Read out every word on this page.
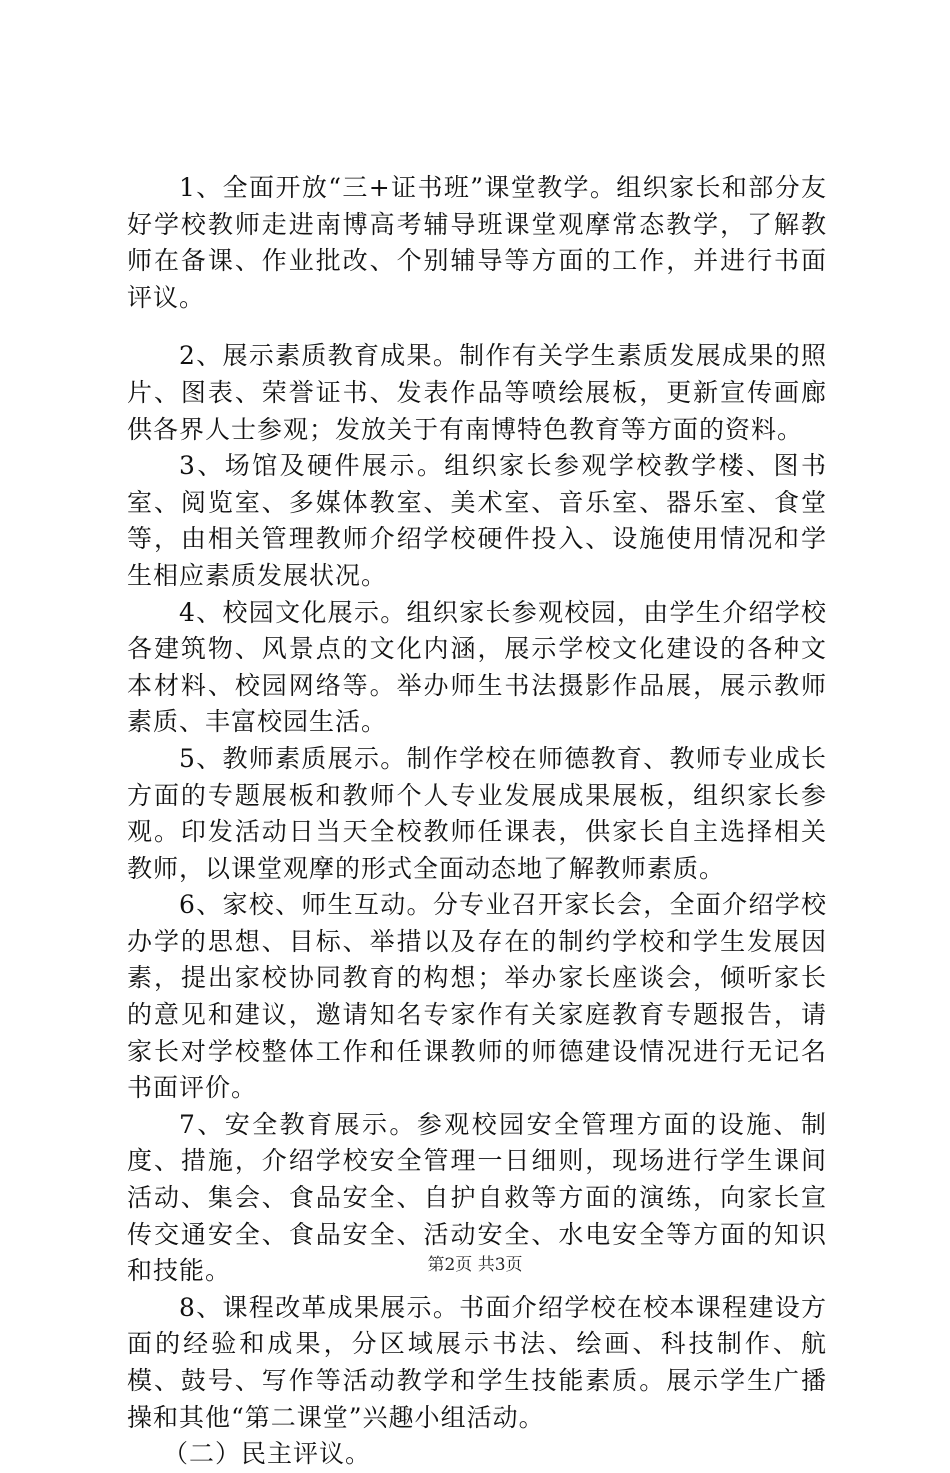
1、全面开放“三+证书班”课堂教学。组织家长和部分友好学校教师走进南博高考辅导班课堂观摩常态教学，了解教师在备课、作业批改、个别辅导等方面的工作，并进行书面评议。

2、展示素质教育成果。制作有关学生素质发展成果的照片、图表、荣誉证书、发表作品等喷绘展板，更新宣传画廊供各界人士参观；发放关于有南博特色教育等方面的资料。

3、场馆及硬件展示。组织家长参观学校教学楼、图书室、阅览室、多媒体教室、美术室、音乐室、器乐室、食堂等，由相关管理教师介绍学校硬件投入、设施使用情况和学生相应素质发展状况。

4、校园文化展示。组织家长参观校园，由学生介绍学校各建筑物、风景点的文化内涵，展示学校文化建设的各种文本材料、校园网络等。举办师生书法摄影作品展，展示教师素质、丰富校园生活。

5、教师素质展示。制作学校在师德教育、教师专业成长方面的专题展板和教师个人专业发展成果展板，组织家长参观。印发活动日当天全校教师任课表，供家长自主选择相关教师，以课堂观摩的形式全面动态地了解教师素质。

6、家校、师生互动。分专业召开家长会，全面介绍学校办学的思想、目标、举措以及存在的制约学校和学生发展因素，提出家校协同教育的构想；举办家长座谈会，倾听家长的意见和建议，邀请知名专家作有关家庭教育专题报告，请家长对学校整体工作和任课教师的师德建设情况进行无记名书面评价。

7、安全教育展示。参观校园安全管理方面的设施、制度、措施，介绍学校安全管理一日细则，现场进行学生课间活动、集会、食品安全、自护自救等方面的演练，向家长宣传交通安全、食品安全、活动安全、水电安全等方面的知识和技能。

8、课程改革成果展示。书面介绍学校在校本课程建设方面的经验和成果，分区域展示书法、绘画、科技制作、航模、鼓号、写作等活动教学和学生技能素质。展示学生广播操和其他“第二课堂”兴趣小组活动。

（二）民主评议。

第2页 共3页
